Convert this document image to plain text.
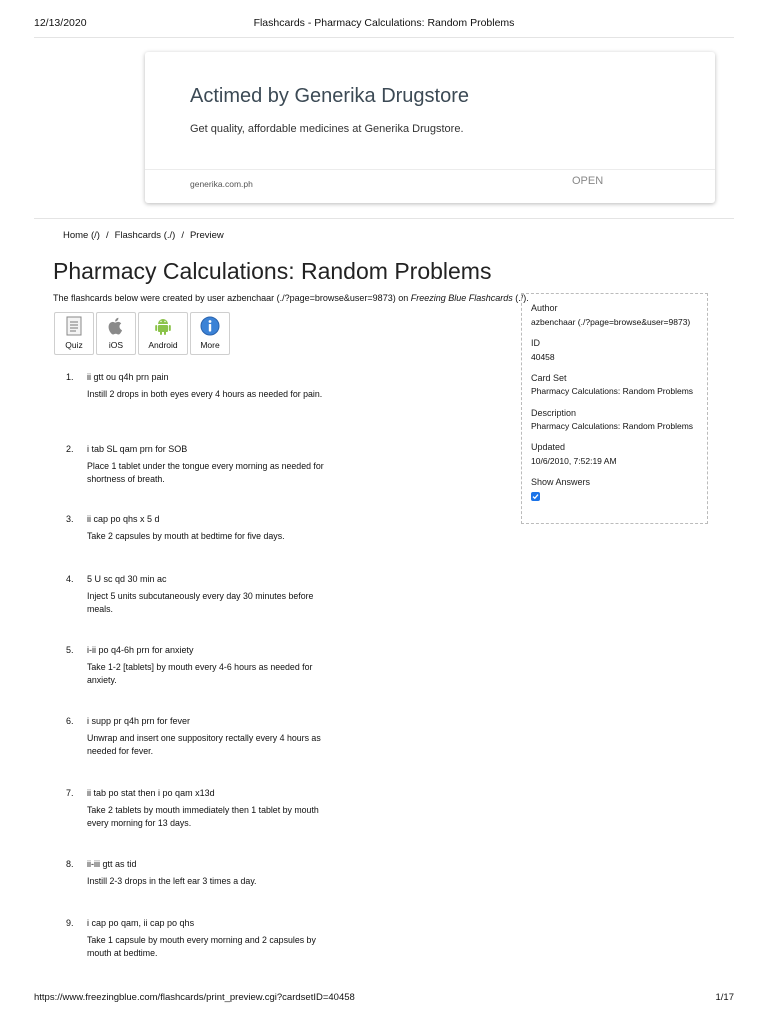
12/13/2020	Flashcards - Pharmacy Calculations: Random Problems
Actimed by Generika Drugstore
Get quality, affordable medicines at Generika Drugstore.
generika.com.ph	OPEN
Home (/) / Flashcards (./) / Preview
Pharmacy Calculations: Random Problems
The flashcards below were created by user azbenchaar (./?page=browse&user=9873) on Freezing Blue Flashcards (./).
Quiz	iOS	Android	More
1. ii gtt ou q4h prn pain
Instill 2 drops in both eyes every 4 hours as needed for pain.
2. i tab SL qam prn for SOB
Place 1 tablet under the tongue every morning as needed for shortness of breath.
3. ii cap po qhs x 5 d
Take 2 capsules by mouth at bedtime for five days.
4. 5 U sc qd 30 min ac
Inject 5 units subcutaneously every day 30 minutes before meals.
5. i-ii po q4-6h prn for anxiety
Take 1-2 [tablets] by mouth every 4-6 hours as needed for anxiety.
6. i supp pr q4h prn for fever
Unwrap and insert one suppository rectally every 4 hours as needed for fever.
7. ii tab po stat then i po qam x13d
Take 2 tablets by mouth immediately then 1 tablet by mouth every morning for 13 days.
8. ii-iii gtt as tid
Instill 2-3 drops in the left ear 3 times a day.
9. i cap po qam, ii cap po qhs
Take 1 capsule by mouth every morning and 2 capsules by mouth at bedtime.
Author
azbenchaar (./?page=browse&user=9873)
ID
40458
Card Set
Pharmacy Calculations: Random Problems
Description
Pharmacy Calculations: Random Problems
Updated
10/6/2010, 7:52:19 AM
Show Answers
https://www.freezingblue.com/flashcards/print_preview.cgi?cardsetID=40458	1/17
